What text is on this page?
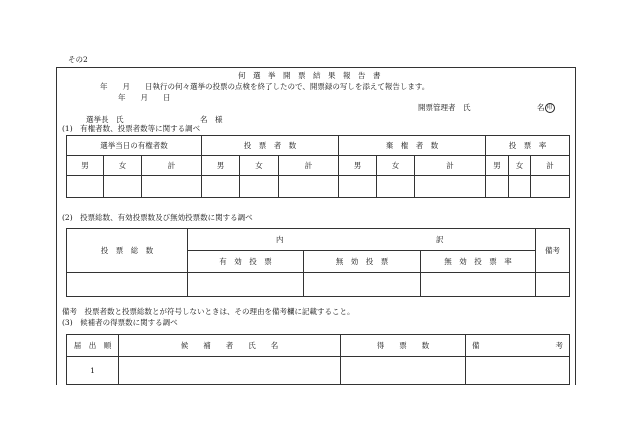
その2
何　選　挙　開　票　結　果　報　告　書
年　　月　　日執行の何々選挙の投票の点検を終了したので、開票録の写しを添えて報告します。
年　　月　　日
開票管理者　氏	名 印
選挙長　氏	名　様
(1)　有権者数、投票者数等に関する調べ
選挙当日の有権者数			投　票　者　数			棄　権　者　数			投　票　率		
男	女	計	男	女	計	男	女	計	男	女	計

(2)　投票総数、有効投票数及び無効投票数に関する調べ
投　票　総　数	内		訳	備考
	有　効　投　票	無　効　投　票	無　効　投　票　率	

備考　投票者数と投票総数とが符号しないときは、その理由を備考欄に記載すること。
(3)　候補者の得票数に関する調べ
届　出　順	候　　補　　者　　氏　　名	得　　票　　数	備 考

1			
